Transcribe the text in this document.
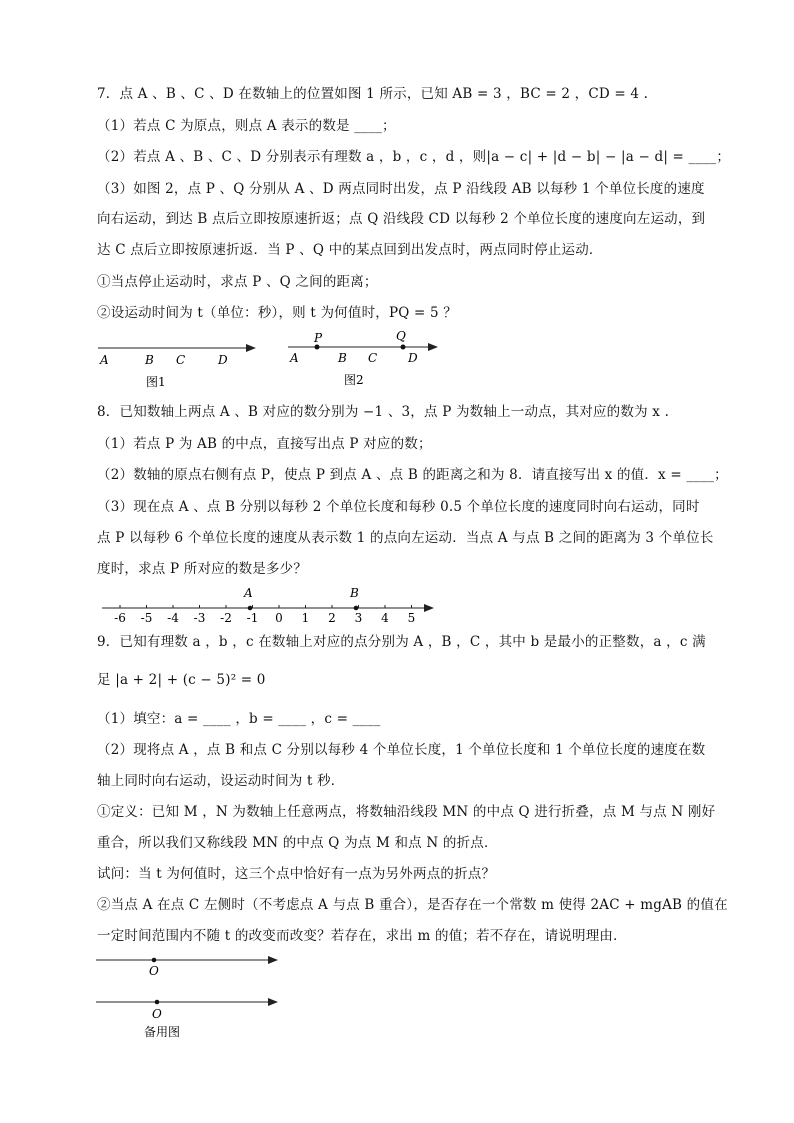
7．点 A 、B 、C 、D 在数轴上的位置如图 1 所示，已知 AB = 3 ，BC = 2 ，CD = 4 .
（1）若点 C 为原点，则点 A 表示的数是 ____；
（2）若点 A 、B 、C 、D 分别表示有理数 a ，b ，c ，d ，则|a − c| + |d − b| − |a − d| = ____；
（3）如图 2，点 P 、Q 分别从 A 、D 两点同时出发，点 P 沿线段 AB 以每秒 1 个单位长度的速度
向右运动，到达 B 点后立即按原速折返；点 Q 沿线段 CD 以每秒 2 个单位长度的速度向左运动，到
达 C 点后立即按原速折返．当 P 、Q 中的某点回到出发点时，两点同时停止运动．
①当点停止运动时，求点 P 、Q 之间的距离；
②设运动时间为 t（单位：秒），则 t 为何值时，PQ = 5 ？
A	B C	D
图1
P	Q
A	B C	D
图2
8．已知数轴上两点 A 、B 对应的数分别为 −1 、3，点 P 为数轴上一动点，其对应的数为 x .
（1）若点 P 为 AB 的中点，直接写出点 P 对应的数；
（2）数轴的原点右侧有点 P，使点 P 到点 A 、点 B 的距离之和为 8．请直接写出 x 的值．x = ____；
（3）现在点 A 、点 B 分别以每秒 2 个单位长度和每秒 0.5 个单位长度的速度同时向右运动，同时
点 P 以每秒 6 个单位长度的速度从表示数 1 的点向左运动．当点 A 与点 B 之间的距离为 3 个单位长
度时，求点 P 所对应的数是多少？
A	B
-6 -5 -4 -3 -2 -1 0 1 2 3 4 5
9．已知有理数 a ，b ，c 在数轴上对应的点分别为 A ，B ，C ，其中 b 是最小的正整数，a ，c 满
足 |a + 2| + (c − 5)² = 0
（1）填空：a = ____ ，b = ____ ，c = ____
（2）现将点 A ，点 B 和点 C 分别以每秒 4 个单位长度，1 个单位长度和 1 个单位长度的速度在数
轴上同时向右运动，设运动时间为 t 秒．
①定义：已知 M ，N 为数轴上任意两点，将数轴沿线段 MN 的中点 Q 进行折叠，点 M 与点 N 刚好
重合，所以我们又称线段 MN 的中点 Q 为点 M 和点 N 的折点．
试问：当 t 为何值时，这三个点中恰好有一点为另外两点的折点？
②当点 A 在点 C 左侧时（不考虑点 A 与点 B 重合），是否存在一个常数 m 使得 2AC + mgAB 的值在
一定时间范围内不随 t 的改变而改变？若存在，求出 m 的值；若不存在，请说明理由．
O
O
备用图
